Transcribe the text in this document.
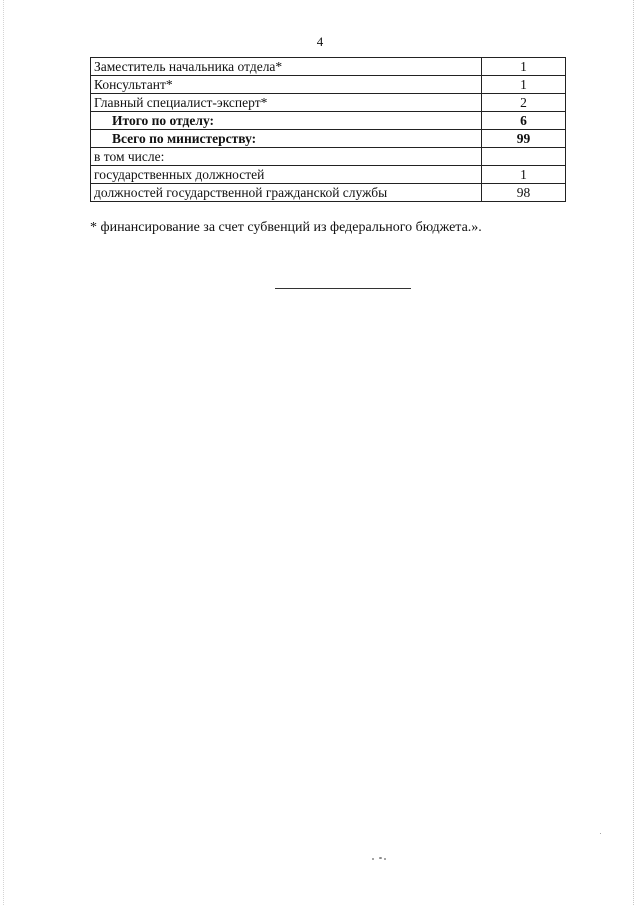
4
Заместитель начальника отдела*	1
Консультант*	1
Главный специалист-эксперт*	2
Итого по отделу:	6
Всего по министерству:	99
в том числе:	
государственных должностей	1
должностей государственной гражданской службы	98
* финансирование за счет субвенций из федерального бюджета.».
